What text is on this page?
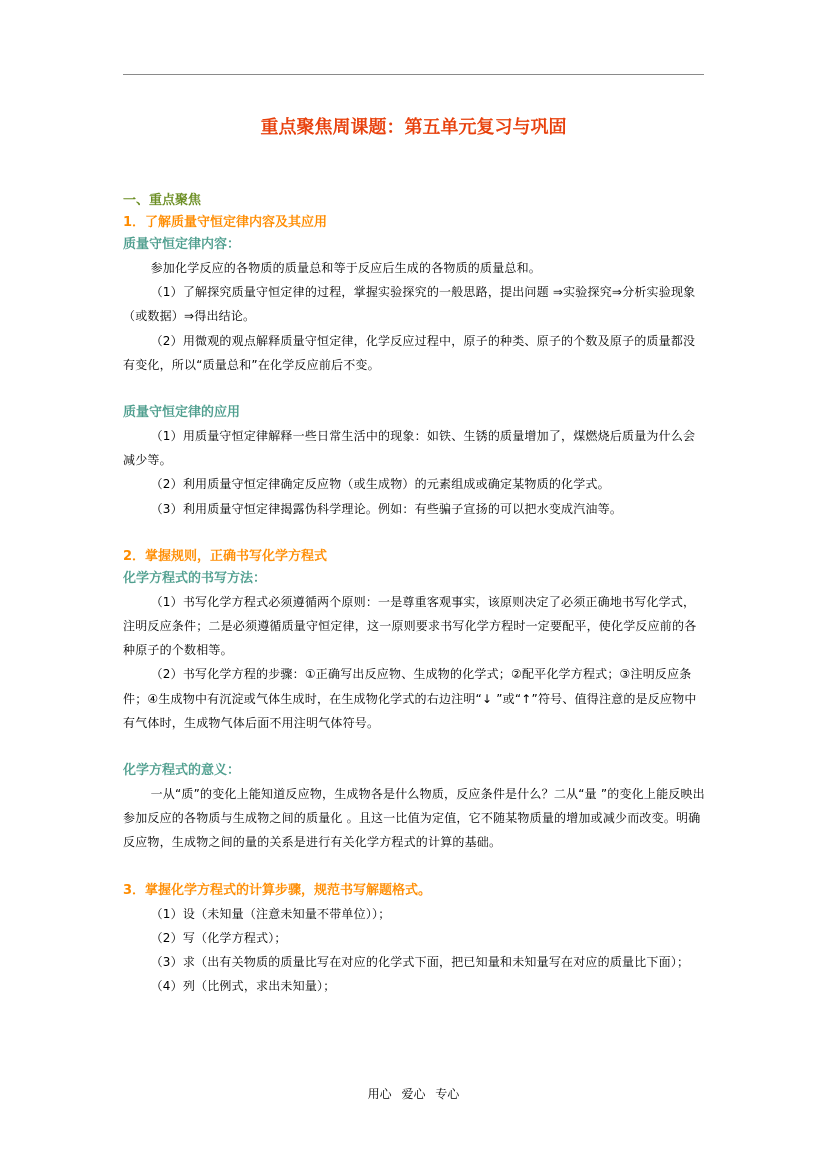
重点聚焦周课题：第五单元复习与巩固
一、重点聚焦
1．了解质量守恒定律内容及其应用
质量守恒定律内容：

参加化学反应的各物质的质量总和等于反应后生成的各物质的质量总和。

（1）了解探究质量守恒定律的过程，掌握实验探究的一般思路，提出问题 ⇒实验探究⇒分析实验现象（或数据）⇒得出结论。

（2）用微观的观点解释质量守恒定律，化学反应过程中，原子的种类、原子的个数及原子的质量都没有变化，所以“质量总和”在化学反应前后不变。

质量守恒定律的应用

（1）用质量守恒定律解释一些日常生活中的现象：如铁、生锈的质量增加了，煤燃烧后质量为什么会减少等。

（2）利用质量守恒定律确定反应物（或生成物）的元素组成或确定某物质的化学式。

（3）利用质量守恒定律揭露伪科学理论。例如：有些骗子宣扬的可以把水变成汽油等。

2．掌握规则，正确书写化学方程式
化学方程式的书写方法：

（1）书写化学方程式必须遵循两个原则：一是尊重客观事实，该原则决定了必须正确地书写化学式，注明反应条件；二是必须遵循质量守恒定律，这一原则要求书写化学方程时一定要配平，使化学反应前的各种原子的个数相等。

（2）书写化学方程的步骤：①正确写出反应物、生成物的化学式；②配平化学方程式；③注明反应条件；④生成物中有沉淀或气体生成时，在生成物化学式的右边注明“↓ ”或“↑”符号、值得注意的是反应物中有气体时，生成物气体后面不用注明气体符号。

化学方程式的意义：

一从“质”的变化上能知道反应物，生成物各是什么物质，反应条件是什么？二从“量 ”的变化上能反映出参加反应的各物质与生成物之间的质量化 。且这一比值为定值，它不随某物质量的增加或减少而改变。明确反应物，生成物之间的量的关系是进行有关化学方程式的计算的基础。

3．掌握化学方程式的计算步骤，规范书写解题格式。

（1）设（未知量（注意未知量不带单位））；

（2）写（化学方程式）；

（3）求（出有关物质的质量比写在对应的化学式下面，把已知量和未知量写在对应的质量比下面）；

（4）列（比例式，求出未知量）；

用心 爱心 专心
